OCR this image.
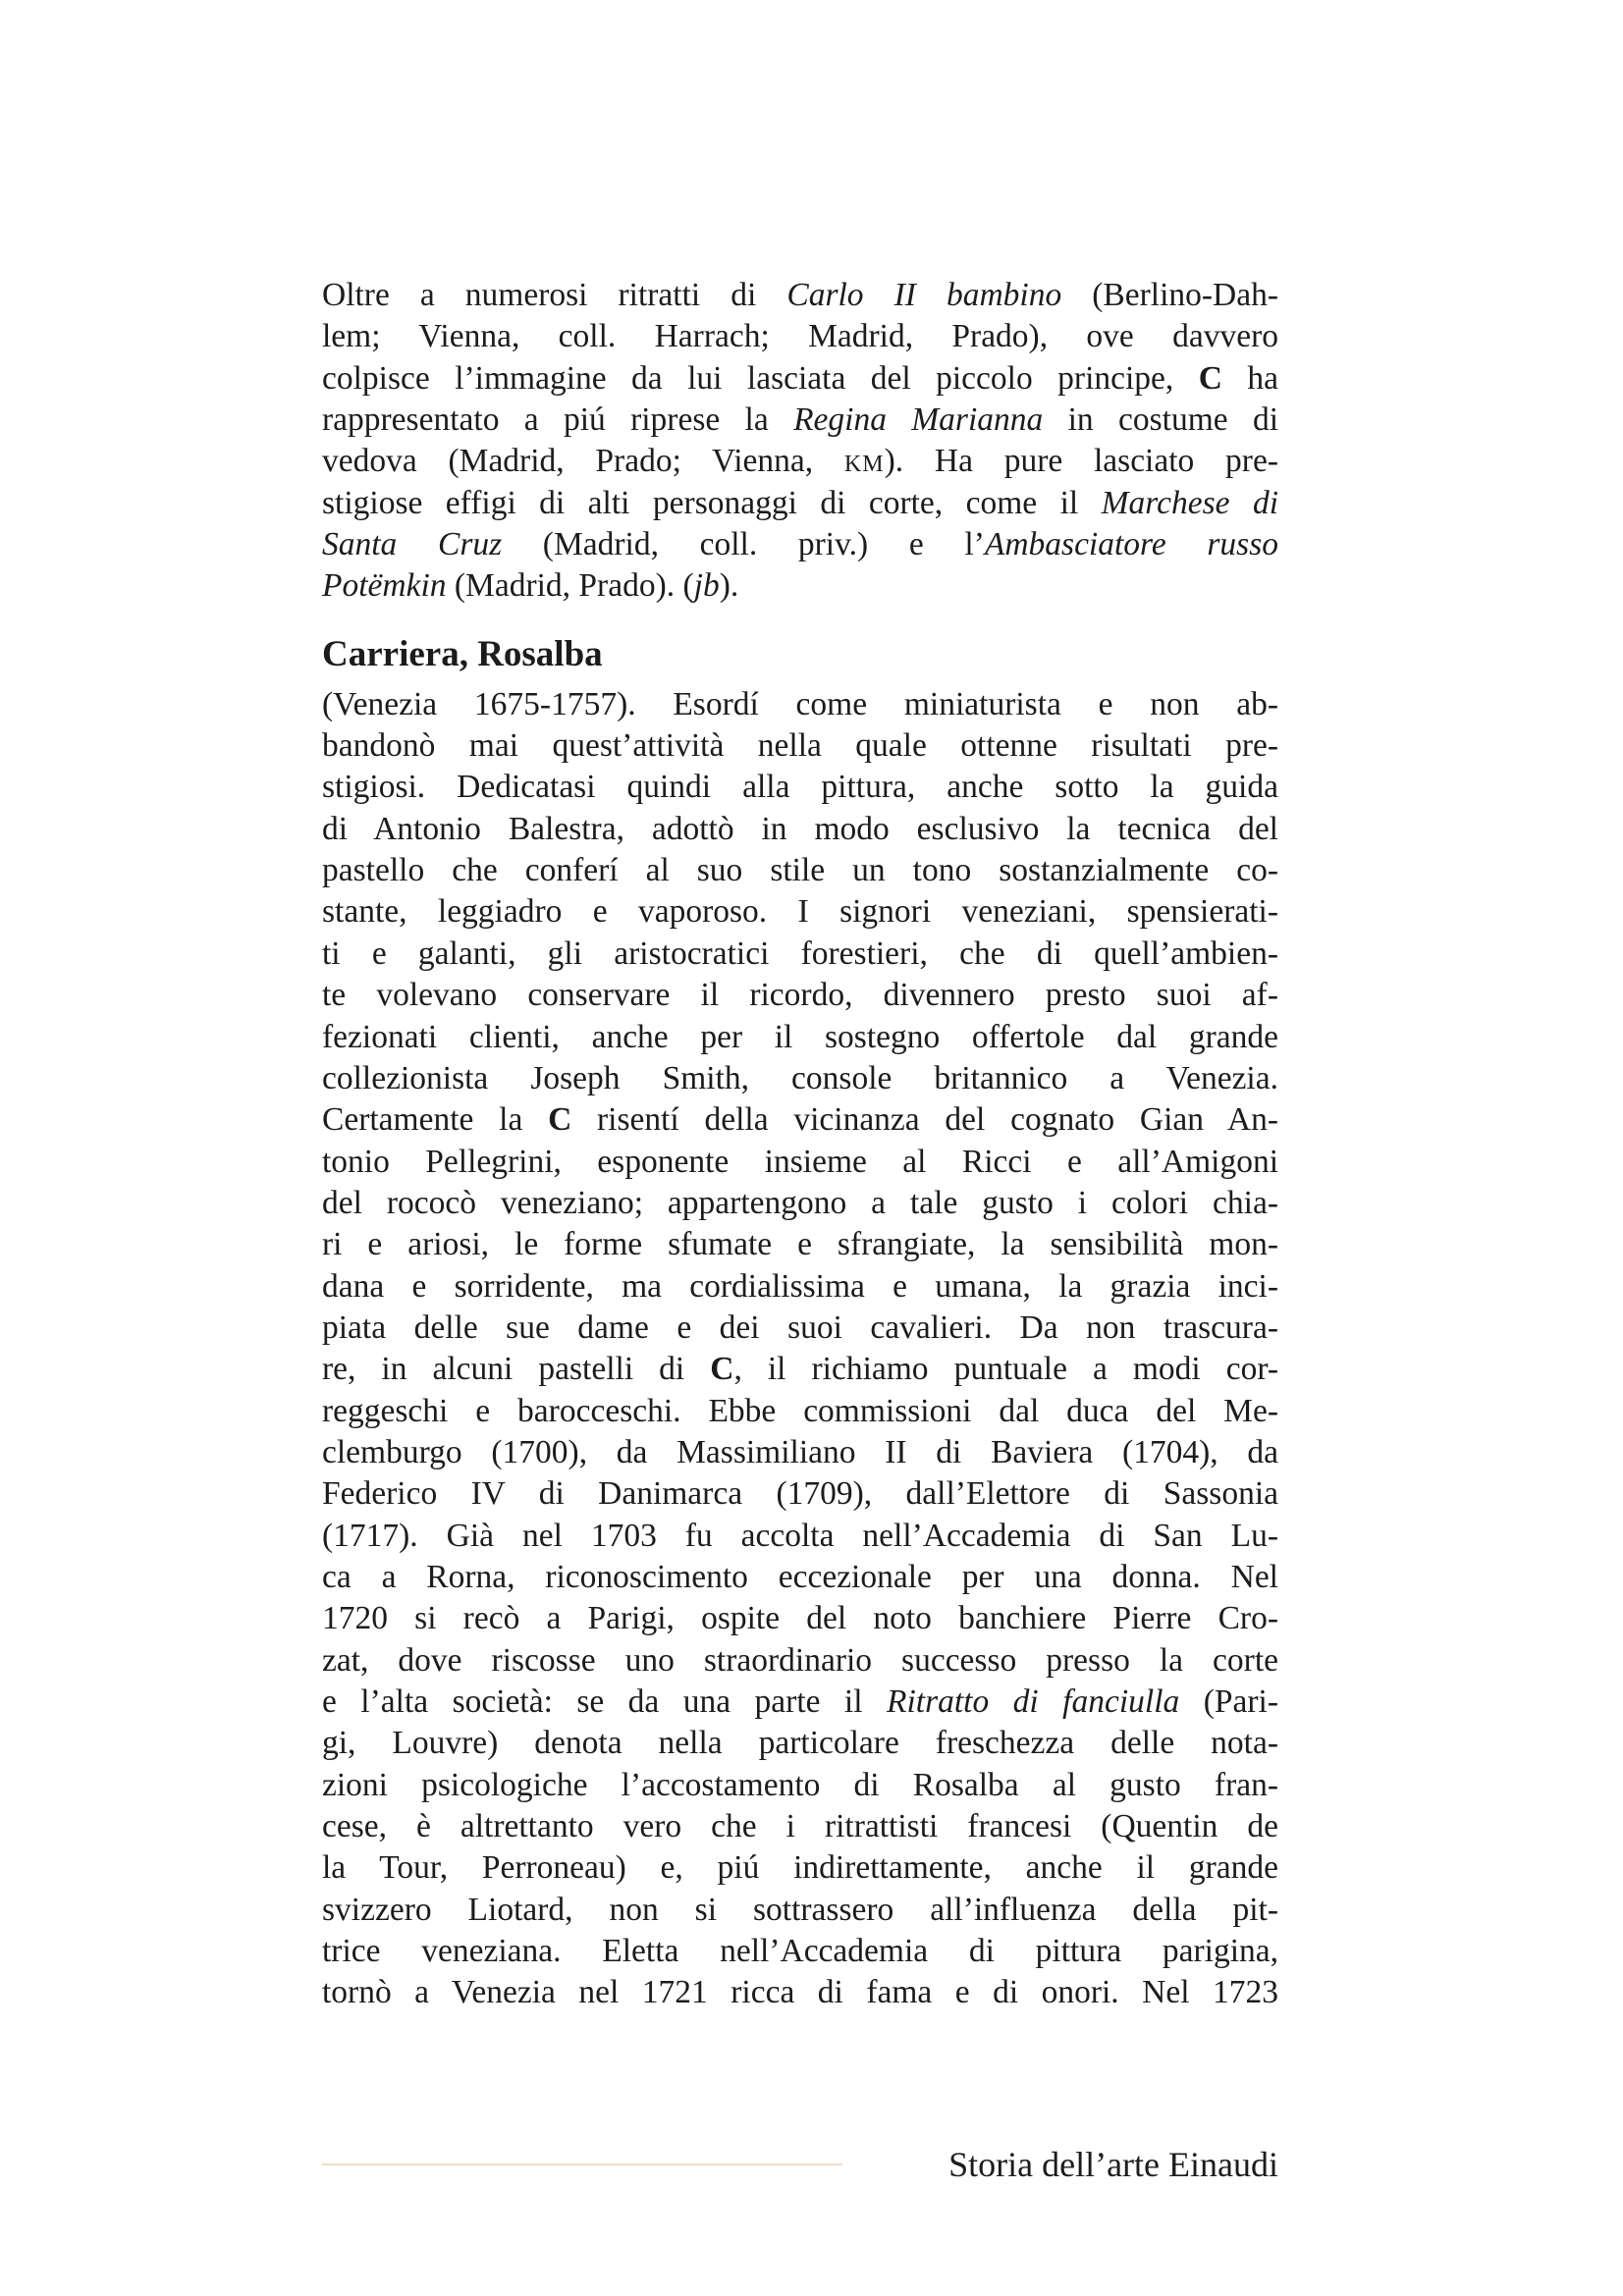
Oltre a numerosi ritratti di Carlo II bambino (Berlino-Dah-
lem; Vienna, coll. Harrach; Madrid, Prado), ove davvero
colpisce l’immagine da lui lasciata del piccolo principe, C ha
rappresentato a piú riprese la Regina Marianna in costume di
vedova (Madrid, Prado; Vienna, KM). Ha pure lasciato pre-
stigiose effigi di alti personaggi di corte, come il Marchese di
Santa Cruz (Madrid, coll. priv.) e l’Ambasciatore russo
Potëmkin (Madrid, Prado). (jb).
Carriera, Rosalba
(Venezia 1675-1757). Esordí come miniaturista e non ab-
bandonò mai quest’attività nella quale ottenne risultati pre-
stigiosi. Dedicatasi quindi alla pittura, anche sotto la guida
di Antonio Balestra, adottò in modo esclusivo la tecnica del
pastello che conferí al suo stile un tono sostanzialmente co-
stante, leggiadro e vaporoso. I signori veneziani, spensierati-
ti e galanti, gli aristocratici forestieri, che di quell’ambien-
te volevano conservare il ricordo, divennero presto suoi af-
fezionati clienti, anche per il sostegno offertole dal grande
collezionista Joseph Smith, console britannico a Venezia.
Certamente la C risentí della vicinanza del cognato Gian An-
tonio Pellegrini, esponente insieme al Ricci e all’Amigoni
del rococò veneziano; appartengono a tale gusto i colori chia-
ri e ariosi, le forme sfumate e sfrangiate, la sensibilità mon-
dana e sorridente, ma cordialissima e umana, la grazia inci-
piata delle sue dame e dei suoi cavalieri. Da non trascura-
re, in alcuni pastelli di C, il richiamo puntuale a modi cor-
reggeschi e barocceschi. Ebbe commissioni dal duca del Me-
clemburgo (1700), da Massimiliano II di Baviera (1704), da
Federico IV di Danimarca (1709), dall’Elettore di Sassonia
(1717). Già nel 1703 fu accolta nell’Accademia di San Lu-
ca a Rorna, riconoscimento eccezionale per una donna. Nel
1720 si recò a Parigi, ospite del noto banchiere Pierre Cro-
zat, dove riscosse uno straordinario successo presso la corte
e l’alta società: se da una parte il Ritratto di fanciulla (Pari-
gi, Louvre) denota nella particolare freschezza delle nota-
zioni psicologiche l’accostamento di Rosalba al gusto fran-
cese, è altrettanto vero che i ritrattisti francesi (Quentin de
la Tour, Perroneau) e, piú indirettamente, anche il grande
svizzero Liotard, non si sottrassero all’influenza della pit-
trice veneziana. Eletta nell’Accademia di pittura parigina,
tornò a Venezia nel 1721 ricca di fama e di onori. Nel 1723
Storia dell’arte Einaudi
